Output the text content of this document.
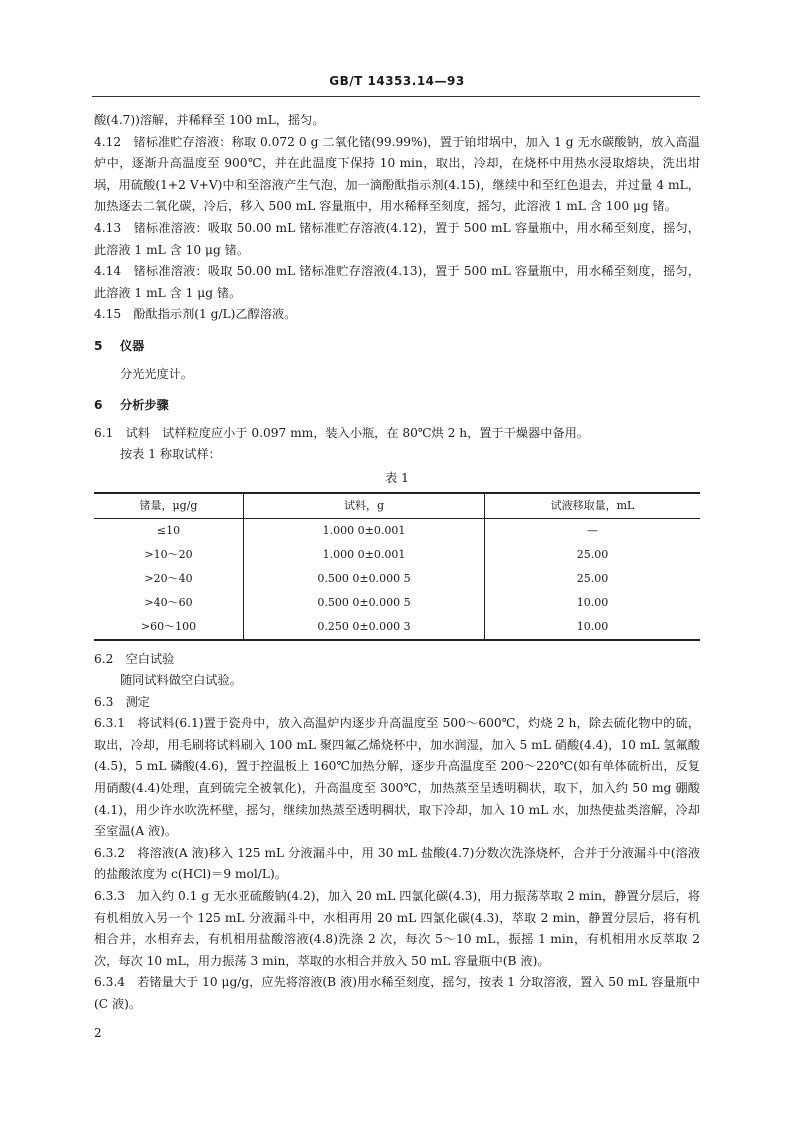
GB/T 14353.14—93

酸(4.7))溶解，并稀释至 100 mL，摇匀。

4.12　锗标准贮存溶液：称取 0.072 0 g 二氧化锗(99.99%)，置于铂坩埚中，加入 1 g 无水碳酸钠，放入高温炉中，逐渐升高温度至 900℃，并在此温度下保持 10 min，取出，冷却，在烧杯中用热水浸取熔块，洗出坩埚，用硫酸(1+2 V+V)中和至溶液产生气泡，加一滴酚酞指示剂(4.15)，继续中和至红色退去，并过量 4 mL，加热逐去二氧化碳，冷后，移入 500 mL 容量瓶中，用水稀释至刻度，摇匀，此溶液 1 mL 含 100 μg 锗。

4.13　锗标准溶液：吸取 50.00 mL 锗标准贮存溶液(4.12)，置于 500 mL 容量瓶中，用水稀至刻度，摇匀，此溶液 1 mL 含 10 μg 锗。

4.14　锗标准溶液：吸取 50.00 mL 锗标准贮存溶液(4.13)，置于 500 mL 容量瓶中，用水稀至刻度，摇匀，此溶液 1 mL 含 1 μg 锗。

4.15　酚酞指示剂(1 g/L)乙醇溶液。

5 仪器

分光光度计。

6 分析步骤

6.1　试料　试样粒度应小于 0.097 mm，装入小瓶，在 80℃烘 2 h，置于干燥器中备用。

按表 1 称取试样：

表 1
锗量，μg/g	试料，g	试液移取量，mL
≤10	1.000 0±0.001	—
>10～20	1.000 0±0.001	25.00
>20～40	0.500 0±0.000 5	25.00
>40～60	0.500 0±0.000 5	10.00
>60～100	0.250 0±0.000 3	10.00

6.2　空白试验

随同试料做空白试验。

6.3　测定

6.3.1　将试料(6.1)置于瓷舟中，放入高温炉内逐步升高温度至 500～600℃，灼烧 2 h，除去硫化物中的硫，取出，冷却，用毛刷将试料刷入 100 mL 聚四氟乙烯烧杯中，加水润湿，加入 5 mL 硝酸(4.4)，10 mL 氢氟酸(4.5)，5 mL 磷酸(4.6)，置于控温板上 160℃加热分解，逐步升高温度至 200～220℃(如有单体硫析出，反复用硝酸(4.4)处理，直到硫完全被氧化)，升高温度至 300℃，加热蒸至呈透明稠状，取下，加入约 50 mg 硼酸(4.1)，用少许水吹洗杯壁，摇匀，继续加热蒸至透明稠状，取下冷却，加入 10 mL 水，加热使盐类溶解，冷却至室温(A 液)。

6.3.2　将溶液(A 液)移入 125 mL 分液漏斗中，用 30 mL 盐酸(4.7)分数次洗涤烧杯，合并于分液漏斗中(溶液的盐酸浓度为 c(HCl)＝9 mol/L)。

6.3.3　加入约 0.1 g 无水亚硫酸钠(4.2)，加入 20 mL 四氯化碳(4.3)，用力振荡萃取 2 min，静置分层后，将有机相放入另一个 125 mL 分液漏斗中，水相再用 20 mL 四氯化碳(4.3)，萃取 2 min，静置分层后，将有机相合并，水相弃去，有机相用盐酸溶液(4.8)洗涤 2 次，每次 5～10 mL，振摇 1 min，有机相用水反萃取 2 次，每次 10 mL，用力振荡 3 min，萃取的水相合并放入 50 mL 容量瓶中(B 液)。

6.3.4　若锗量大于 10 μg/g，应先将溶液(B 液)用水稀至刻度，摇匀，按表 1 分取溶液，置入 50 mL 容量瓶中(C 液)。

2
